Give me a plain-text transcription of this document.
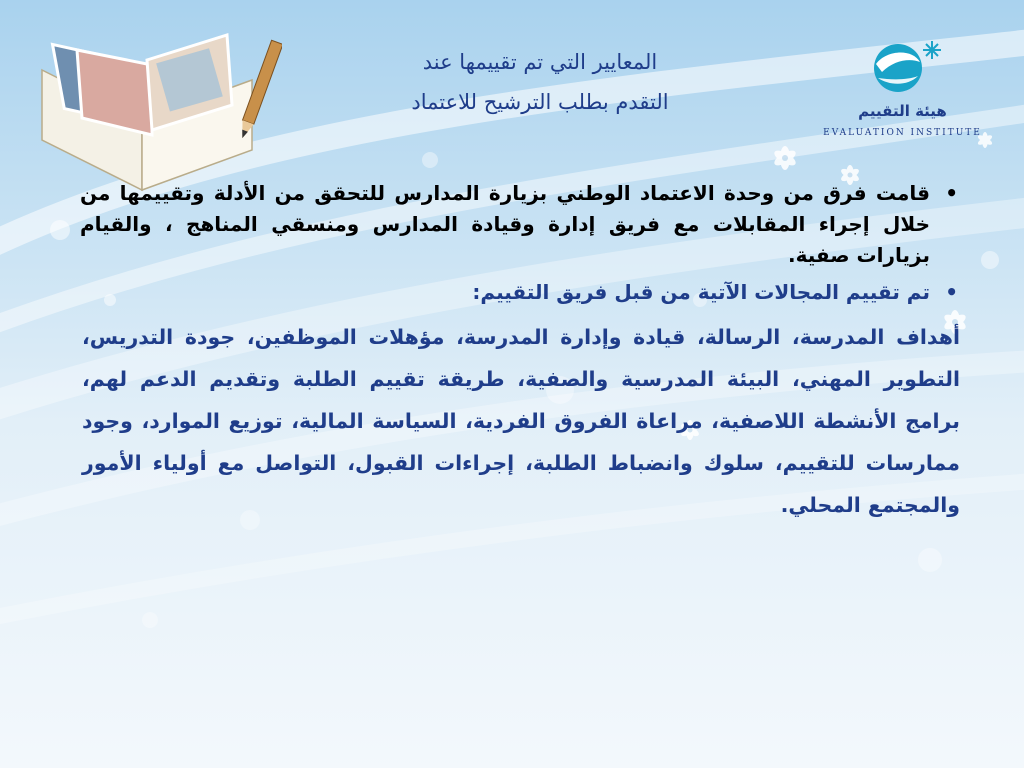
المعايير التي تم تقييمها عند
التقدم بطلب الترشيح للاعتماد	هيئة التقييم
EVALUATION INSTITUTE
•
قامت فرق من وحدة الاعتماد الوطني بزيارة المدارس للتحقق من الأدلة وتقييمها من خلال إجراء المقابلات مع فريق إدارة وقيادة المدارس ومنسقي المناهج ، والقيام بزيارات صفية.
•
تم تقييم المجالات الآتية من قبل فريق التقييم:
أهداف المدرسة، الرسالة، قيادة وإدارة المدرسة، مؤهلات الموظفين، جودة التدريس، التطوير المهني، البيئة المدرسية والصفية، طريقة تقييم الطلبة وتقديم الدعم لهم، برامج الأنشطة اللاصفية، مراعاة الفروق الفردية، السياسة المالية، توزيع الموارد، وجود ممارسات للتقييم، سلوك وانضباط الطلبة، إجراءات القبول، التواصل مع أولياء الأمور والمجتمع المحلي.
